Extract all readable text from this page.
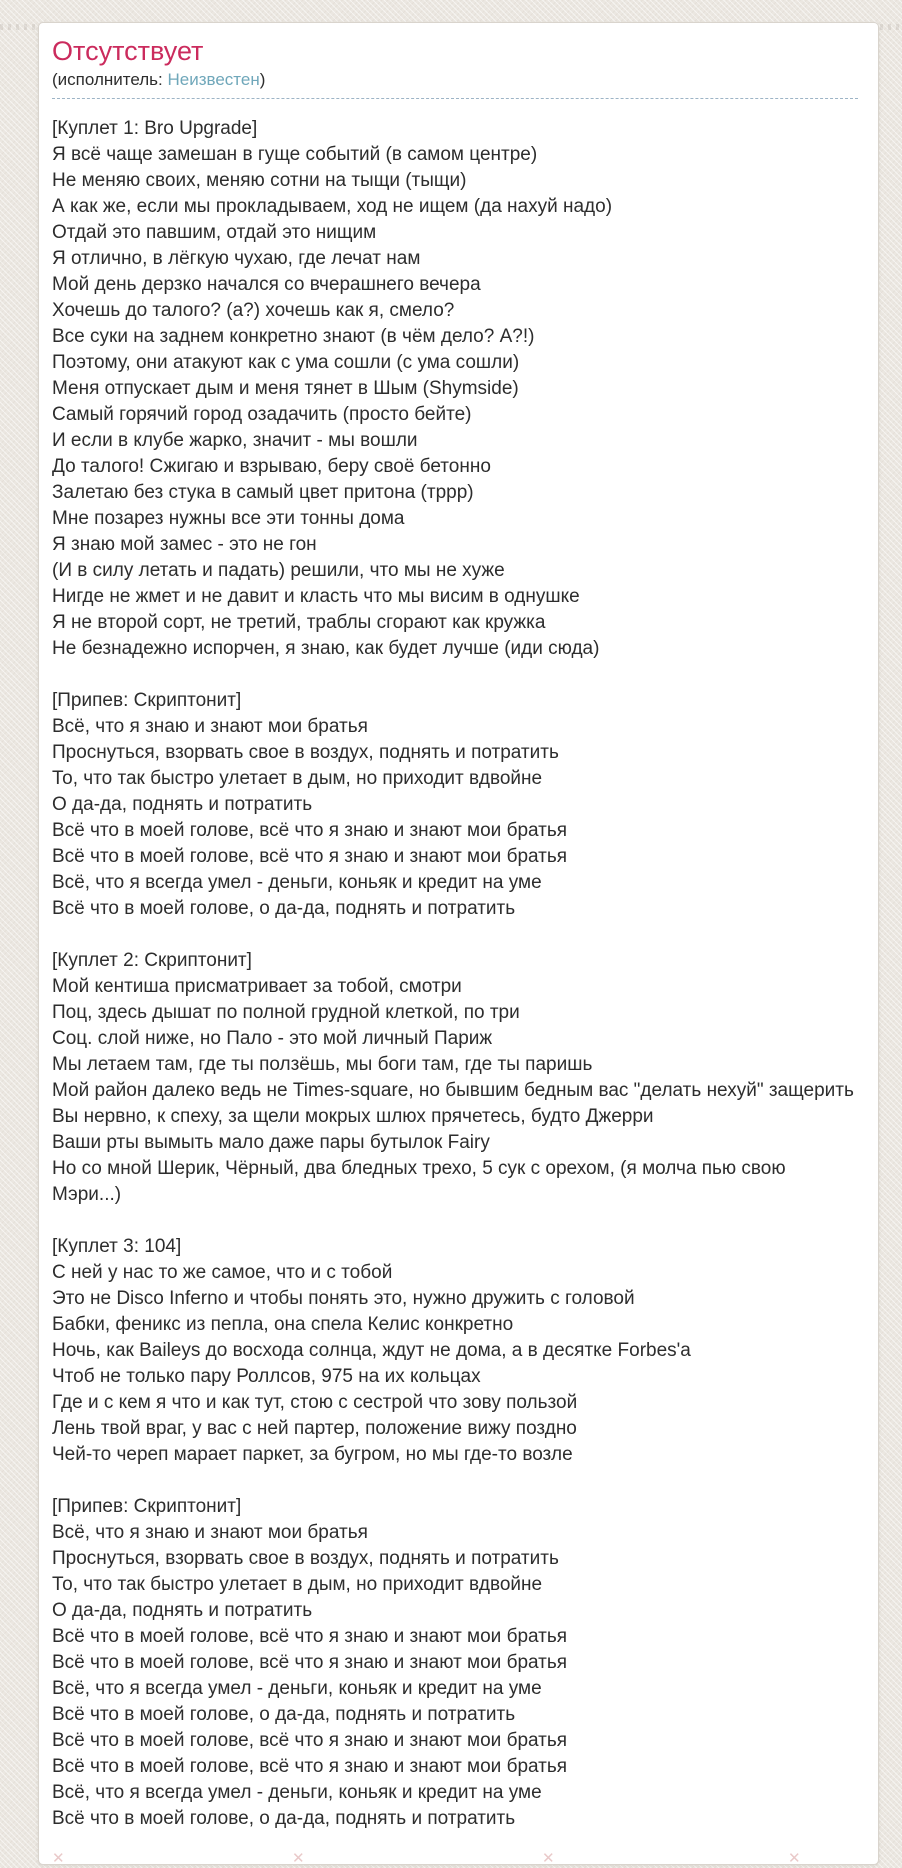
Отсутствует
(исполнитель: Неизвестен)
[Куплет 1: Bro Upgrade]
Я всё чаще замешан в гуще событий (в самом центре)
Не меняю своих, меняю сотни на тыщи (тыщи)
А как же, если мы прокладываем, ход не ищем (да нахуй надо)
Отдай это павшим, отдай это нищим
Я отлично, в лёгкую чухаю, где лечат нам
Мой день дерзко начался со вчерашнего вечера
Хочешь до талого? (а?) хочешь как я, смело?
Все суки на заднем конкретно знают (в чём дело? А?!)
Поэтому, они атакуют как с ума сошли (с ума сошли)
Меня отпускает дым и меня тянет в Шым (Shymside)
Самый горячий город озадачить (просто бейте)
И если в клубе жарко, значит - мы вошли
До талого! Сжигаю и взрываю, беру своё бетонно
Залетаю без стука в самый цвет притона (тррр)
Мне позарез нужны все эти тонны дома
Я знаю мой замес - это не гон
(И в силу летать и падать) решили, что мы не хуже
Нигде не жмет и не давит и класть что мы висим в однушке
Я не второй сорт, не третий, траблы сгорают как кружка
Не безнадежно испорчен, я знаю, как будет лучше (иди сюда)
[Припев: Скриптонит]
Всё, что я знаю и знают мои братья
Проснуться, взорвать свое в воздух, поднять и потратить
То, что так быстро улетает в дым, но приходит вдвойне
О да-да, поднять и потратить
Всё что в моей голове, всё что я знаю и знают мои братья
Всё что в моей голове, всё что я знаю и знают мои братья
Всё, что я всегда умел - деньги, коньяк и кредит на уме
Всё что в моей голове, о да-да, поднять и потратить
[Куплет 2: Скриптонит]
Мой кентиша присматривает за тобой, смотри
Поц, здесь дышат по полной грудной клеткой, по три
Соц. слой ниже, но Пало - это мой личный Париж
Мы летаем там, где ты ползёшь, мы боги там, где ты паришь
Мой район далеко ведь не Times-square, но бывшим бедным вас "делать нехуй" защерить
Вы нервно, к спеху, за щели мокрых шлюх прячетесь, будто Джерри
Ваши рты вымыть мало даже пары бутылок Fairy
Но со мной Шерик, Чёрный, два бледных трехо, 5 сук с орехом, (я молча пью свою Мэри...)
[Куплет 3: 104]
С ней у нас то же самое, что и с тобой
Это не Disco Inferno и чтобы понять это, нужно дружить с головой
Бабки, феникс из пепла, она спела Келис конкретно
Ночь, как Baileys до восхода солнца, ждут не дома, а в десятке Forbes'а
Чтоб не только пару Роллсов, 975 на их кольцах
Где и с кем я что и как тут, стою с сестрой что зову пользой
Лень твой враг, у вас с ней партер, положение вижу поздно
Чей-то череп марает паркет, за бугром, но мы где-то возле
[Припев: Скриптонит]
Всё, что я знаю и знают мои братья
Проснуться, взорвать свое в воздух, поднять и потратить
То, что так быстро улетает в дым, но приходит вдвойне
О да-да, поднять и потратить
Всё что в моей голове, всё что я знаю и знают мои братья
Всё что в моей голове, всё что я знаю и знают мои братья
Всё, что я всегда умел - деньги, коньяк и кредит на уме
Всё что в моей голове, о да-да, поднять и потратить
Всё что в моей голове, всё что я знаю и знают мои братья
Всё что в моей голове, всё что я знаю и знают мои братья
Всё, что я всегда умел - деньги, коньяк и кредит на уме
Всё что в моей голове, о да-да, поднять и потратить
✕	✕	✕	✕
